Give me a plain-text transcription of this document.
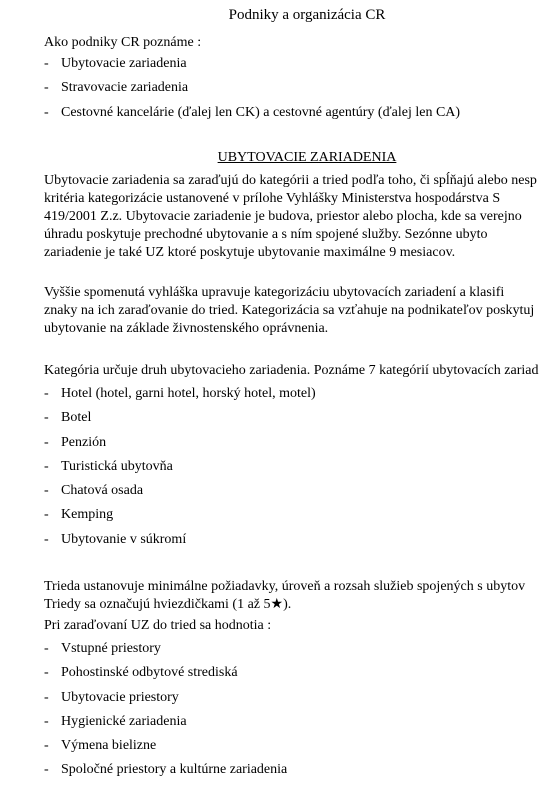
Podniky a organizácia CR
Ako podniky CR poznáme :
- Ubytovacie zariadenia
- Stravovacie zariadenia
- Cestovné kancelárie (ďalej len CK) a cestovné agentúry (ďalej len CA)
UBYTOVACIE ZARIADENIA
Ubytovacie zariadenia sa zaraďujú do kategórii a tried podľa toho, či spĺňajú alebo nesp
kritéria kategorizácie ustanovené v prílohe Vyhlášky Ministerstva hospodárstva S
419/2001 Z.z. Ubytovacie zariadenie je budova, priestor alebo plocha, kde sa verejno
úhradu poskytuje prechodné ubytovanie a s ním spojené služby. Sezónne ubyto
zariadenie je také UZ ktoré poskytuje ubytovanie maximálne 9 mesiacov.
Vyššie spomenutá vyhláška upravuje kategorizáciu ubytovacích zariadení a klasifi
znaky na ich zaraďovanie do tried. Kategorizácia sa vzťahuje na podnikateľov poskytuj
ubytovanie na základe živnostenského oprávnenia.
Kategória určuje druh ubytovacieho zariadenia. Poznáme 7 kategórií ubytovacích zariad
- Hotel (hotel, garni hotel, horský hotel, motel)
- Botel
- Penzión
- Turistická ubytovňa
- Chatová osada
- Kemping
- Ubytovanie v súkromí
Trieda ustanovuje minimálne požiadavky, úroveň a rozsah služieb spojených s ubytov
Triedy sa označujú hviezdičkami (1 až 5★).
Pri zaraďovaní UZ do tried sa hodnotia :
- Vstupné priestory
- Pohostinské odbytové strediská
- Ubytovacie priestory
- Hygienické zariadenia
- Výmena bielizne
- Spoločné priestory a kultúrne zariadenia
